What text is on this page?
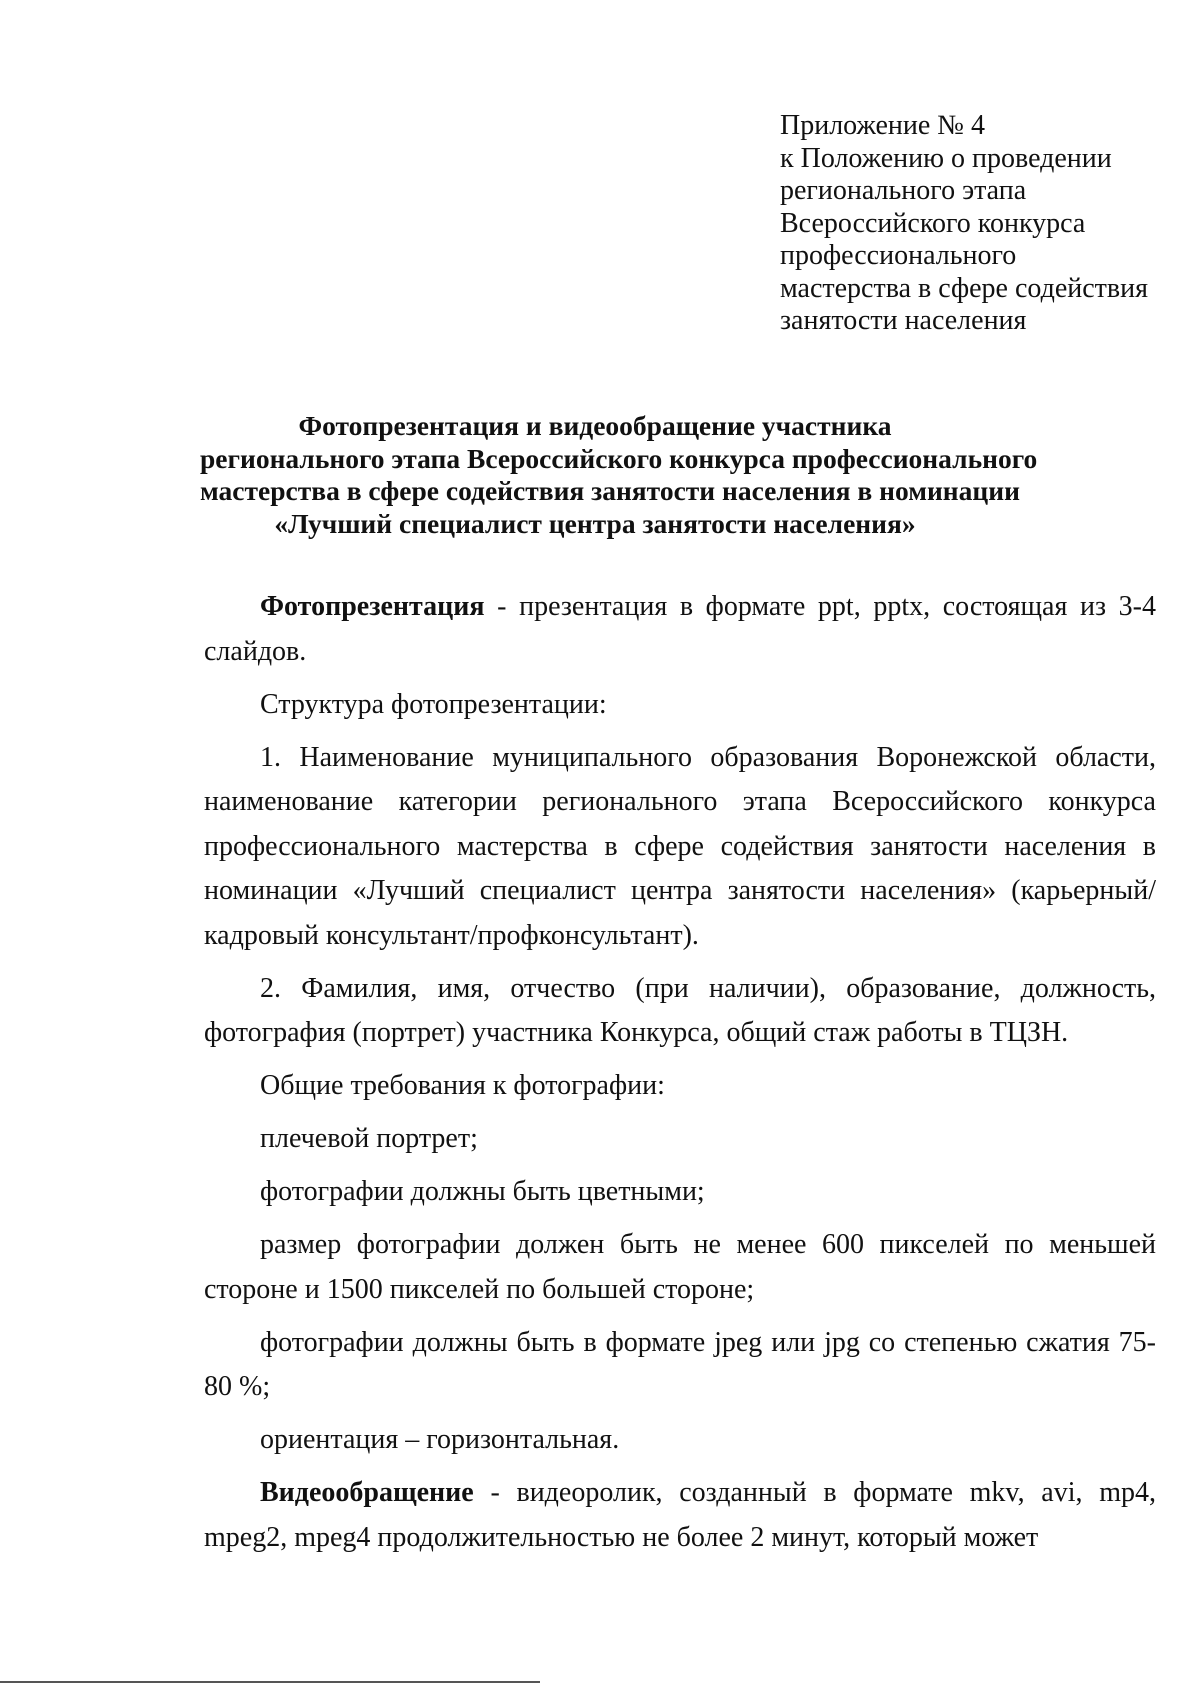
Приложение № 4
к Положению о проведении
регионального этапа
Всероссийского конкурса
профессионального
мастерства в сфере содействия
занятости населения
Фотопрезентация и видеообращение участника
регионального этапа Всероссийского конкурса профессионального
мастерства в сфере содействия занятости населения в номинации
«Лучший специалист центра занятости населения»

Фотопрезентация - презентация в формате ppt, pptx, состоящая из 3-4 слайдов.

Структура фотопрезентации:

1. Наименование муниципального образования Воронежской области, наименование категории регионального этапа Всероссийского конкурса профессионального мастерства в сфере содействия занятости населения в номинации «Лучший специалист центра занятости населения» (карьерный/кадровый консультант/профконсультант).

2. Фамилия, имя, отчество (при наличии), образование, должность, фотография (портрет) участника Конкурса, общий стаж работы в ТЦЗН.

Общие требования к фотографии:

плечевой портрет;

фотографии должны быть цветными;

размер фотографии должен быть не менее 600 пикселей по меньшей стороне и 1500 пикселей по большей стороне;

фотографии должны быть в формате jpeg или jpg со степенью сжатия 75-80 %;

ориентация – горизонтальная.

Видеообращение - видеоролик, созданный в формате mkv, avi, mp4, mpeg2, mpeg4 продолжительностью не более 2 минут, который может
